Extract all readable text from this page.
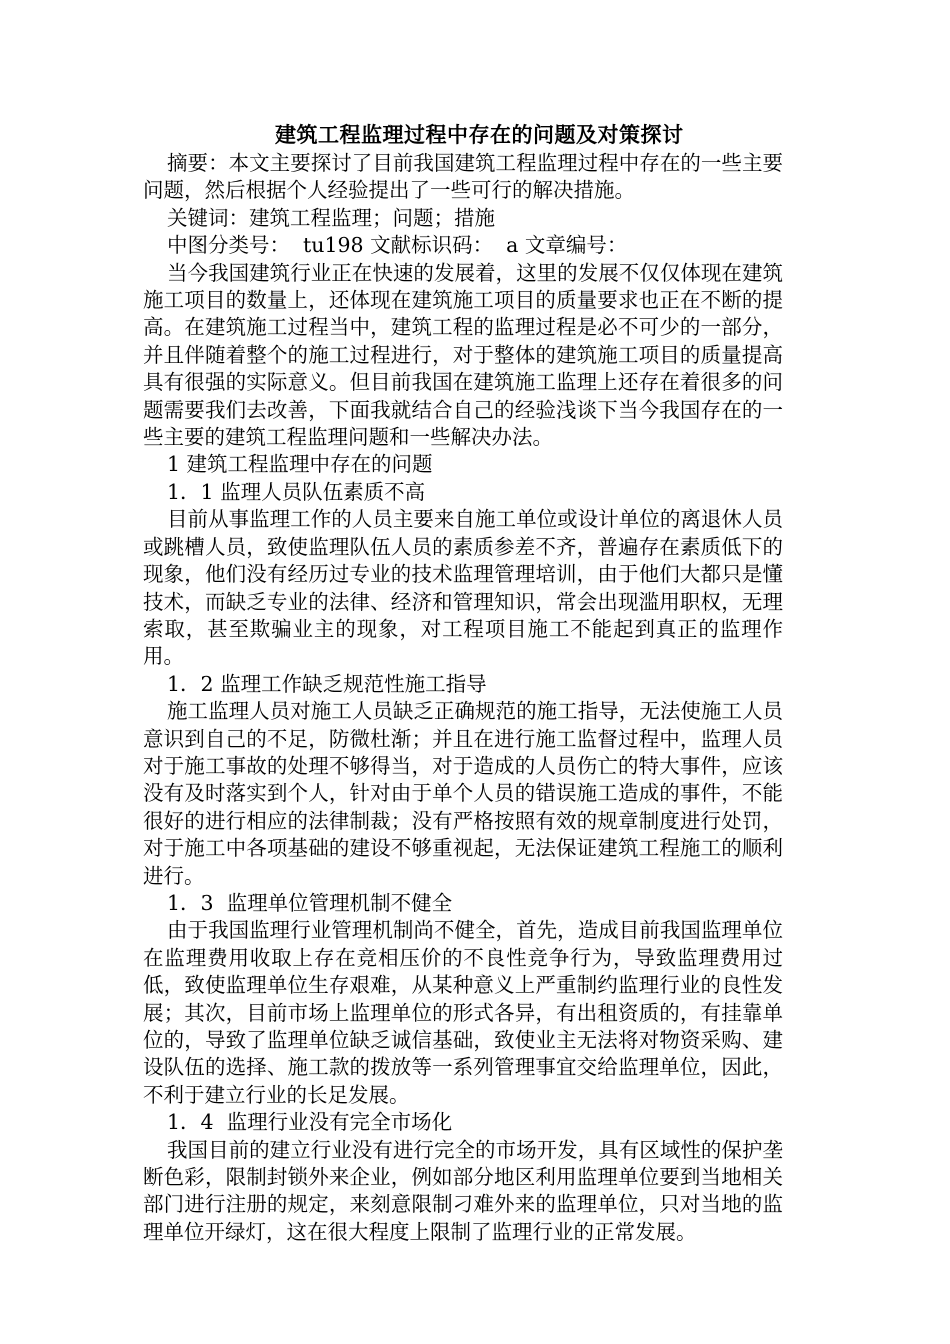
建筑工程监理过程中存在的问题及对策探讨

摘要：本文主要探讨了目前我国建筑工程监理过程中存在的一些主要问题，然后根据个人经验提出了一些可行的解决措施。

关键词：建筑工程监理；问题；措施

中图分类号：  tu198 文献标识码：  a 文章编号：

当今我国建筑行业正在快速的发展着，这里的发展不仅仅体现在建筑施工项目的数量上，还体现在建筑施工项目的质量要求也正在不断的提高。在建筑施工过程当中，建筑工程的监理过程是必不可少的一部分，并且伴随着整个的施工过程进行，对于整体的建筑施工项目的质量提高具有很强的实际意义。但目前我国在建筑施工监理上还存在着很多的问题需要我们去改善，下面我就结合自己的经验浅谈下当今我国存在的一些主要的建筑工程监理问题和一些解决办法。

1 建筑工程监理中存在的问题

1．1 监理人员队伍素质不高

目前从事监理工作的人员主要来自施工单位或设计单位的离退休人员或跳槽人员，致使监理队伍人员的素质参差不齐，普遍存在素质低下的现象，他们没有经历过专业的技术监理管理培训，由于他们大都只是懂技术，而缺乏专业的法律、经济和管理知识，常会出现滥用职权，无理索取，甚至欺骗业主的现象，对工程项目施工不能起到真正的监理作用。

1．2 监理工作缺乏规范性施工指导

施工监理人员对施工人员缺乏正确规范的施工指导，无法使施工人员意识到自己的不足，防微杜渐；并且在进行施工监督过程中，监理人员对于施工事故的处理不够得当，对于造成的人员伤亡的特大事件，应该没有及时落实到个人，针对由于单个人员的错误施工造成的事件，不能很好的进行相应的法律制裁；没有严格按照有效的规章制度进行处罚，对于施工中各项基础的建设不够重视起，无法保证建筑工程施工的顺利进行。

1．3  监理单位管理机制不健全

由于我国监理行业管理机制尚不健全，首先，造成目前我国监理单位在监理费用收取上存在竞相压价的不良性竞争行为，导致监理费用过低，致使监理单位生存艰难，从某种意义上严重制约监理行业的良性发展；其次，目前市场上监理单位的形式各异，有出租资质的，有挂靠单位的，导致了监理单位缺乏诚信基础，致使业主无法将对物资采购、建设队伍的选择、施工款的拨放等一系列管理事宜交给监理单位，因此，不利于建立行业的长足发展。

1．4  监理行业没有完全市场化

我国目前的建立行业没有进行完全的市场开发，具有区域性的保护垄断色彩，限制封锁外来企业，例如部分地区利用监理单位要到当地相关部门进行注册的规定，来刻意限制刁难外来的监理单位，只对当地的监理单位开绿灯，这在很大程度上限制了监理行业的正常发展。
